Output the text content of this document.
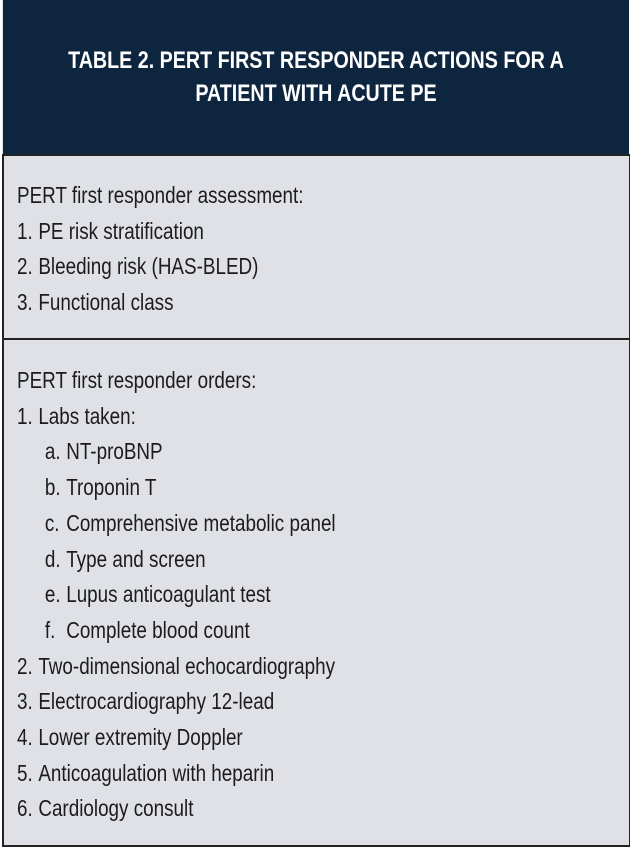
TABLE 2. PERT FIRST RESPONDER ACTIONS FOR A
PATIENT WITH ACUTE PE
PERT first responder assessment:
1. PE risk stratification
2. Bleeding risk (HAS-BLED)
3. Functional class
PERT first responder orders:
1. Labs taken:
a. NT-proBNP
b. Troponin T
c. Comprehensive metabolic panel
d. Type and screen
e. Lupus anticoagulant test
f. Complete blood count
2. Two-dimensional echocardiography
3. Electrocardiography 12-lead
4. Lower extremity Doppler
5. Anticoagulation with heparin
6. Cardiology consult
